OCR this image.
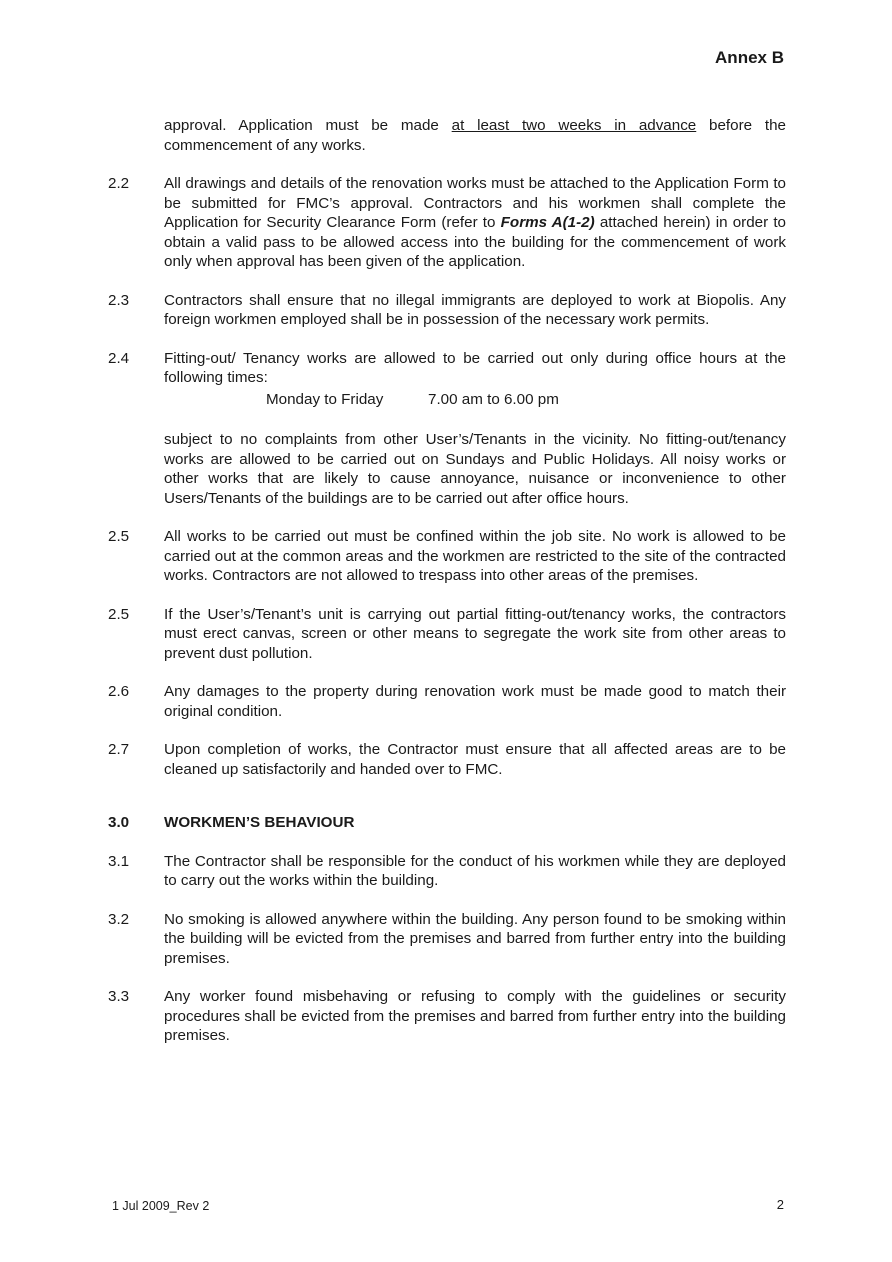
Annex B
approval. Application must be made at least two weeks in advance before the commencement of any works.
2.2	All drawings and details of the renovation works must be attached to the Application Form to be submitted for FMC’s approval. Contractors and his workmen shall complete the Application for Security Clearance Form (refer to Forms A(1-2) attached herein) in order to obtain a valid pass to be allowed access into the building for the commencement of work only when approval has been given of the application.
2.3	Contractors shall ensure that no illegal immigrants are deployed to work at Biopolis. Any foreign workmen employed shall be in possession of the necessary work permits.
2.4	Fitting-out/ Tenancy works are allowed to be carried out only during office hours at the following times:
Monday to Friday	7.00 am to 6.00 pm
subject to no complaints from other User’s/Tenants in the vicinity. No fitting-out/tenancy works are allowed to be carried out on Sundays and Public Holidays. All noisy works or other works that are likely to cause annoyance, nuisance or inconvenience to other Users/Tenants of the buildings are to be carried out after office hours.
2.5	All works to be carried out must be confined within the job site. No work is allowed to be carried out at the common areas and the workmen are restricted to the site of the contracted works. Contractors are not allowed to trespass into other areas of the premises.
2.5	If the User’s/Tenant’s unit is carrying out partial fitting-out/tenancy works, the contractors must erect canvas, screen or other means to segregate the work site from other areas to prevent dust pollution.
2.6	Any damages to the property during renovation work must be made good to match their original condition.
2.7	Upon completion of works, the Contractor must ensure that all affected areas are to be cleaned up satisfactorily and handed over to FMC.
3.0	WORKMEN’S BEHAVIOUR
3.1	The Contractor shall be responsible for the conduct of his workmen while they are deployed to carry out the works within the building.
3.2	No smoking is allowed anywhere within the building. Any person found to be smoking within the building will be evicted from the premises and barred from further entry into the building premises.
3.3	Any worker found misbehaving or refusing to comply with the guidelines or security procedures shall be evicted from the premises and barred from further entry into the building premises.
1 Jul 2009_Rev 2	2
